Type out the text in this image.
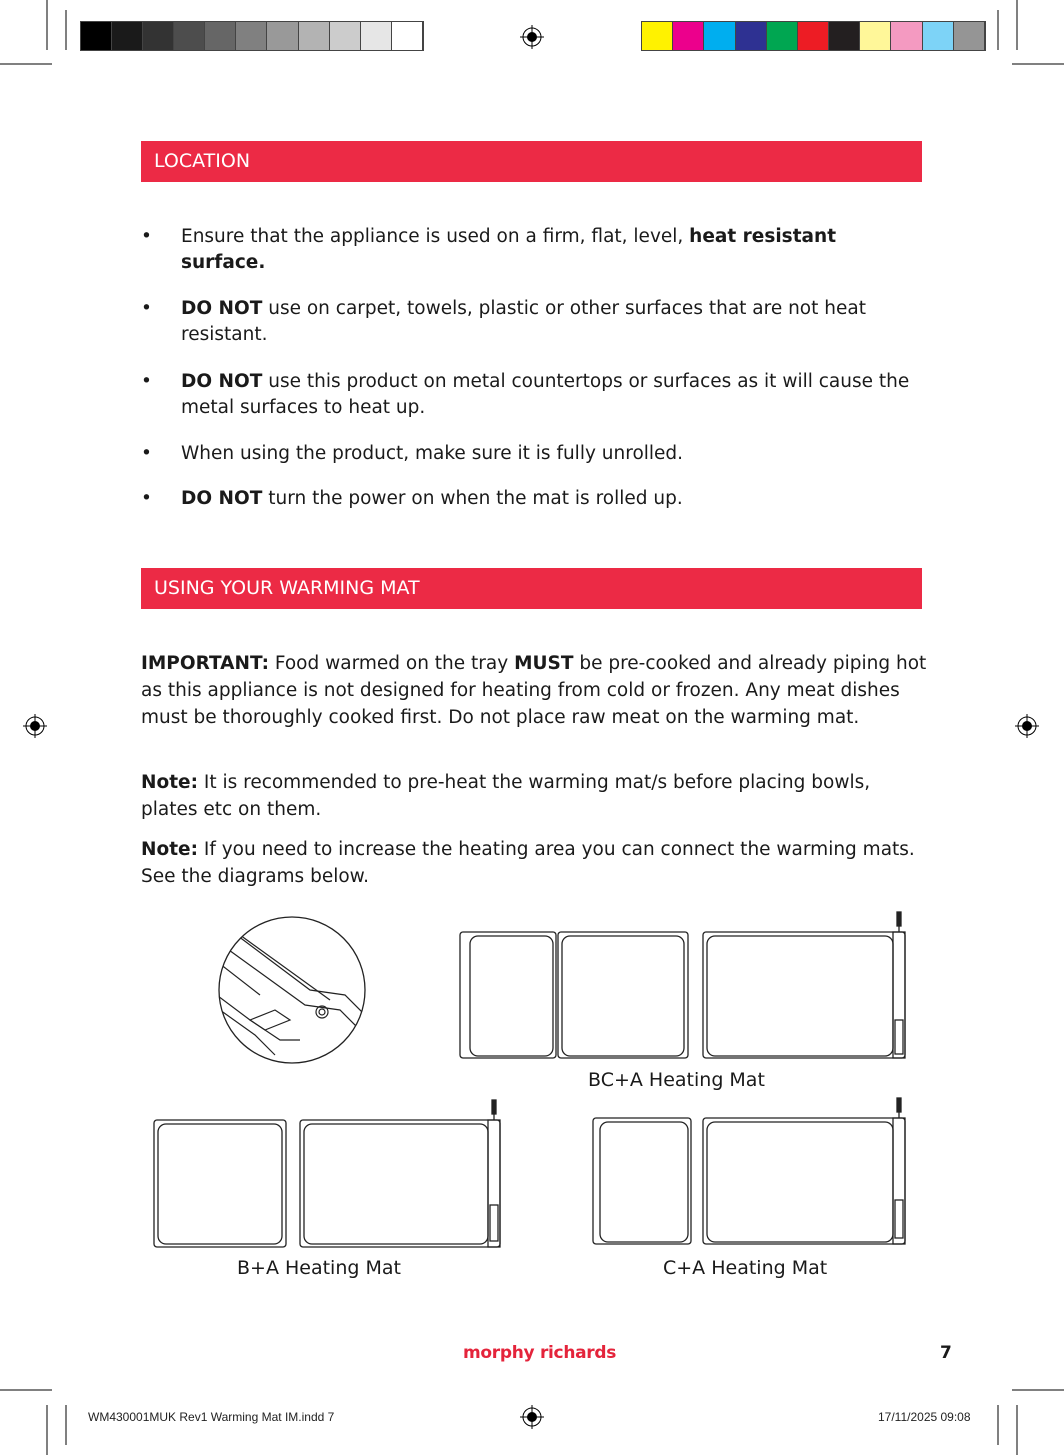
LOCATION
•	Ensure that the appliance is used on a firm, flat, level, heat resistant surface.
•	DO NOT use on carpet, towels, plastic or other surfaces that are not heat resistant.
•	DO NOT use this product on metal countertops or surfaces as it will cause the metal surfaces to heat up.
•	When using the product, make sure it is fully unrolled.
•	DO NOT turn the power on when the mat is rolled up.
USING YOUR WARMING MAT
IMPORTANT: Food warmed on the tray MUST be pre-cooked and already piping hot as this appliance is not designed for heating from cold or frozen. Any meat dishes must be thoroughly cooked first. Do not place raw meat on the warming mat.
Note: It is recommended to pre-heat the warming mat/s before placing bowls, plates etc on them.
Note: If you need to increase the heating area you can connect the warming mats. See the diagrams below.
BC+A Heating Mat
B+A Heating Mat	C+A Heating Mat
morphy richards	7
WM430001MUK Rev1 Warming Mat IM.indd 7	17/11/2025 09:08
